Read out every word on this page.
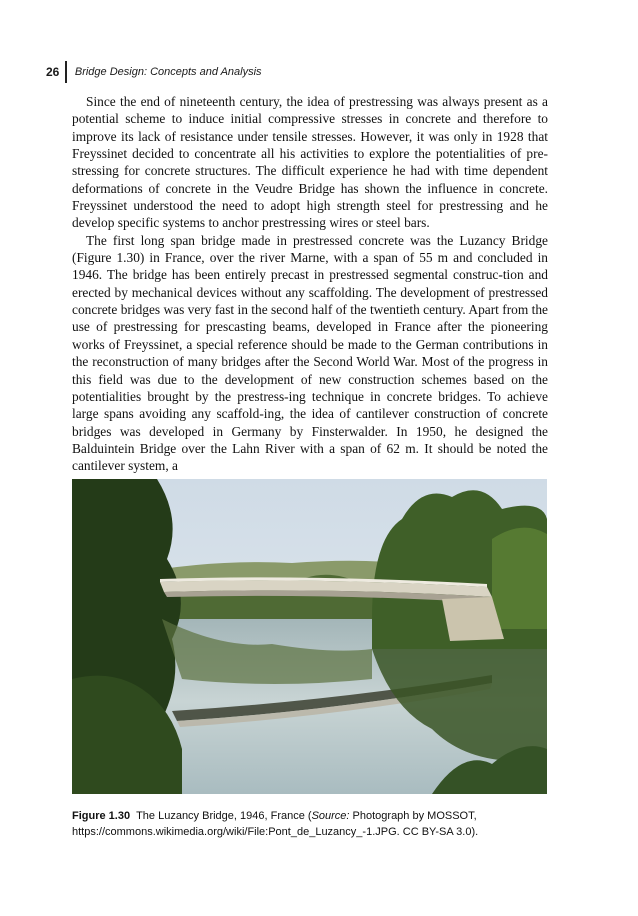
26 Bridge Design: Concepts and Analysis

Since the end of nineteenth century, the idea of prestressing was always present as a potential scheme to induce initial compressive stresses in concrete and therefore to improve its lack of resistance under tensile stresses. However, it was only in 1928 that Freyssinet decided to concentrate all his activities to explore the potentialities of pre-stressing for concrete structures. The difficult experience he had with time dependent deformations of concrete in the Veudre Bridge has shown the influence in concrete. Freyssinet understood the need to adopt high strength steel for prestressing and he develop specific systems to anchor prestressing wires or steel bars.

The first long span bridge made in prestressed concrete was the Luzancy Bridge (Figure 1.30) in France, over the river Marne, with a span of 55 m and concluded in 1946. The bridge has been entirely precast in prestressed segmental construc-tion and erected by mechanical devices without any scaffolding. The development of prestressed concrete bridges was very fast in the second half of the twentieth century. Apart from the use of prestressing for prescasting beams, developed in France after the pioneering works of Freyssinet, a special reference should be made to the German contributions in the reconstruction of many bridges after the Second World War. Most of the progress in this field was due to the development of new construction schemes based on the potentialities brought by the prestress-ing technique in concrete bridges. To achieve large spans avoiding any scaffold-ing, the idea of cantilever construction of concrete bridges was developed in Germany by Finsterwalder. In 1950, he designed the Balduintein Bridge over the Lahn River with a span of 62 m. It should be noted the cantilever system, a

Figure 1.30 The Luzancy Bridge, 1946, France (Source: Photograph by MOSSOT, https://commons.wikimedia.org/wiki/File:Pont_de_Luzancy_-1.JPG. CC BY-SA 3.0).
